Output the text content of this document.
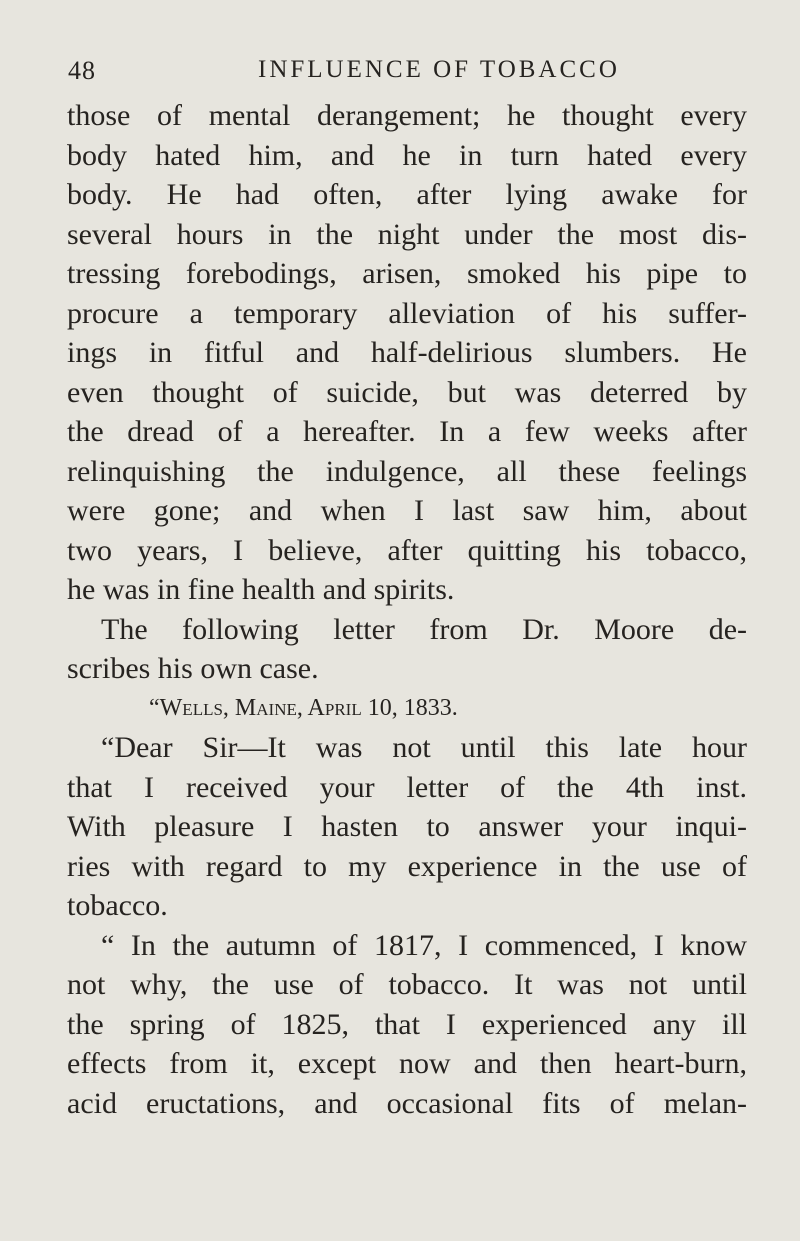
48	INFLUENCE OF TOBACCO
those of mental derangement; he thought every
body hated him, and he in turn hated every
body. He had often, after lying awake for
several hours in the night under the most dis-
tressing forebodings, arisen, smoked his pipe to
procure a temporary alleviation of his suffer-
ings in fitful and half-delirious slumbers. He
even thought of suicide, but was deterred by
the dread of a hereafter. In a few weeks after
relinquishing the indulgence, all these feelings
were gone; and when I last saw him, about
two years, I believe, after quitting his tobacco,
he was in fine health and spirits.
The following letter from Dr. Moore de-
scribes his own case.
“Wells, Maine, April 10, 1833.
“Dear Sir—It was not until this late hour
that I received your letter of the 4th inst.
With pleasure I hasten to answer your inqui-
ries with regard to my experience in the use of
tobacco.
“ In the autumn of 1817, I commenced, I know
not why, the use of tobacco. It was not until
the spring of 1825, that I experienced any ill
effects from it, except now and then heart-burn,
acid eructations, and occasional fits of melan-
